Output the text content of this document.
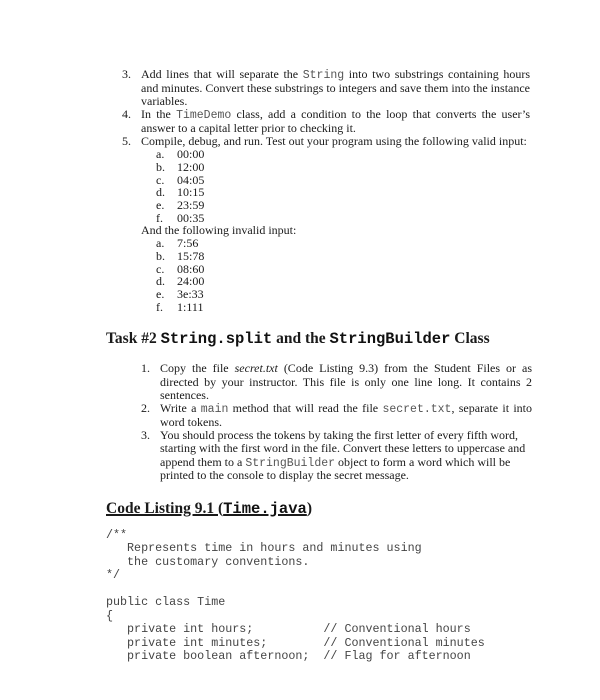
3. Add lines that will separate the String into two substrings containing hours and minutes. Convert these substrings to integers and save them into the instance variables.
4. In the TimeDemo class, add a condition to the loop that converts the user’s answer to a capital letter prior to checking it.
5. Compile, debug, and run. Test out your program using the following valid input:
a. 00:00
b. 12:00
c. 04:05
d. 10:15
e. 23:59
f. 00:35
And the following invalid input:
a. 7:56
b. 15:78
c. 08:60
d. 24:00
e. 3e:33
f. 1:111
Task #2 String.split and the StringBuilder Class
1. Copy the file secret.txt (Code Listing 9.3) from the Student Files or as directed by your instructor. This file is only one line long. It contains 2 sentences.
2. Write a main method that will read the file secret.txt, separate it into word tokens.
3. You should process the tokens by taking the first letter of every fifth word, starting with the first word in the file. Convert these letters to uppercase and append them to a StringBuilder object to form a word which will be printed to the console to display the secret message.
Code Listing 9.1 (Time.java)
/**
Represents time in hours and minutes using
the customary conventions.
*/
public class Time
{
private int hours;          // Conventional hours
private int minutes;        // Conventional minutes
private boolean afternoon;  // Flag for afternoon
